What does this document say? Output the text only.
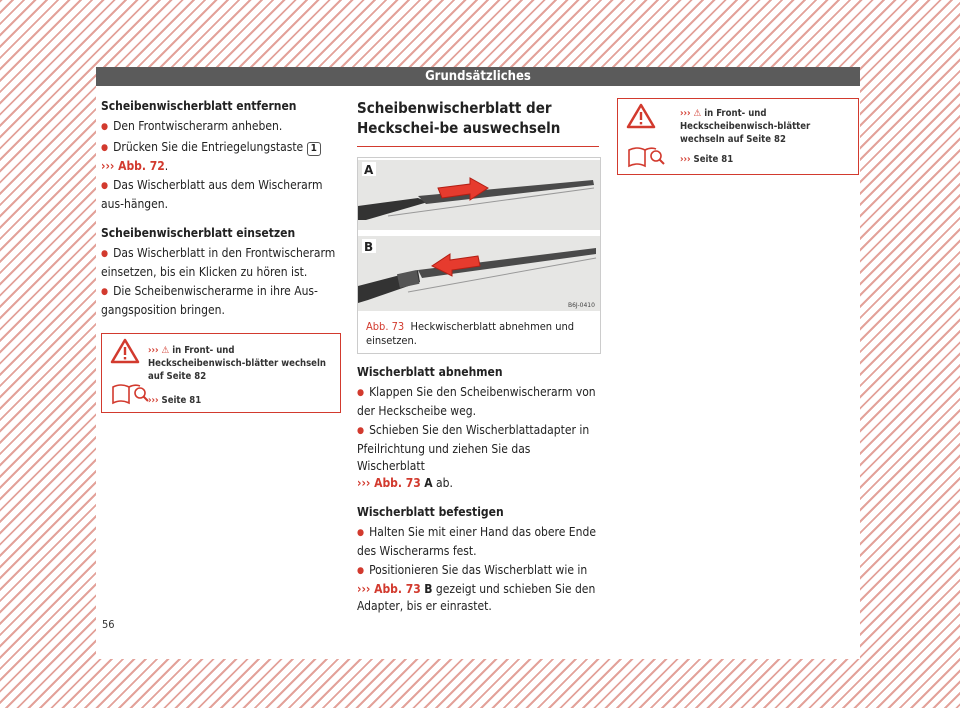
Grundsätzliches

Scheibenwischerblatt entfernen

● Den Frontwischerarm anheben.

● Drücken Sie die Entriegelungstaste 1
››› Abb. 72.

● Das Wischerblatt aus dem Wischerarm aus-hängen.

Scheibenwischerblatt einsetzen

● Das Wischerblatt in den Frontwischerarm einsetzen, bis ein Klicken zu hören ist.

● Die Scheibenwischerarme in ihre Aus-gangsposition bringen.

››› ⚠ in Front- und Heckscheibenwisch-blätter wechseln auf Seite 82
››› Seite 81
Scheibenwischerblatt der Heckschei-be auswechseln
A
B
B6J-0410
Abb. 73 Heckwischerblatt abnehmen und einsetzen.

Wischerblatt abnehmen

● Klappen Sie den Scheibenwischerarm von der Heckscheibe weg.

● Schieben Sie den Wischerblattadapter in Pfeilrichtung und ziehen Sie das Wischerblatt
››› Abb. 73 A ab.

Wischerblatt befestigen

● Halten Sie mit einer Hand das obere Ende des Wischerarms fest.

● Positionieren Sie das Wischerblatt wie in
››› Abb. 73 B gezeigt und schieben Sie den Adapter, bis er einrastet.

››› ⚠ in Front- und Heckscheibenwisch-blätter wechseln auf Seite 82
››› Seite 81
56
